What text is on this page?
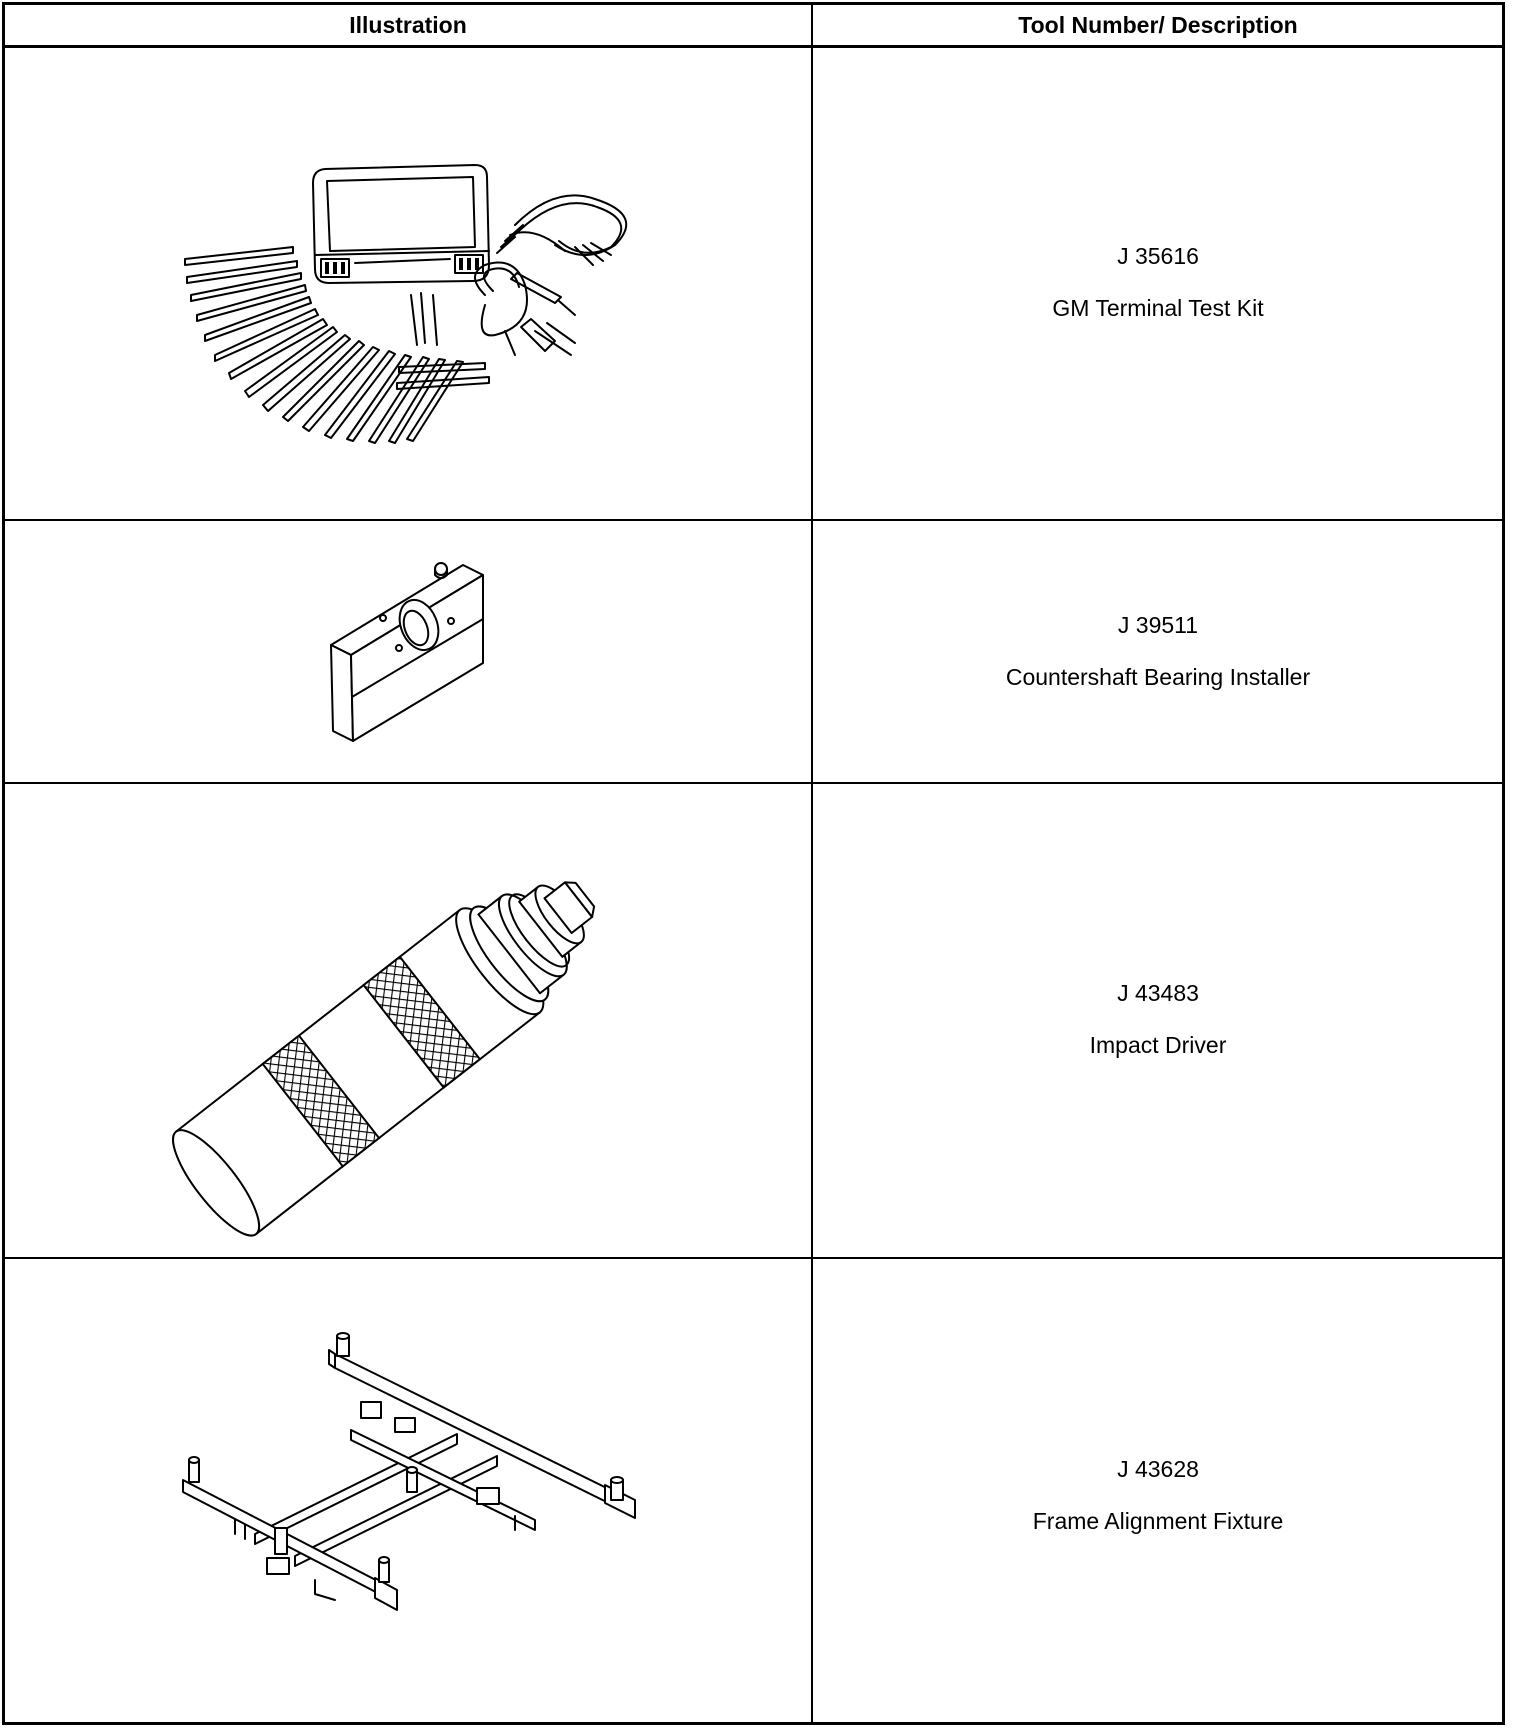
Illustration	Tool Number/ Description
J 35616
GM Terminal Test Kit
J 39511
Countershaft Bearing Installer
J 43483
Impact Driver
J 43628
Frame Alignment Fixture
